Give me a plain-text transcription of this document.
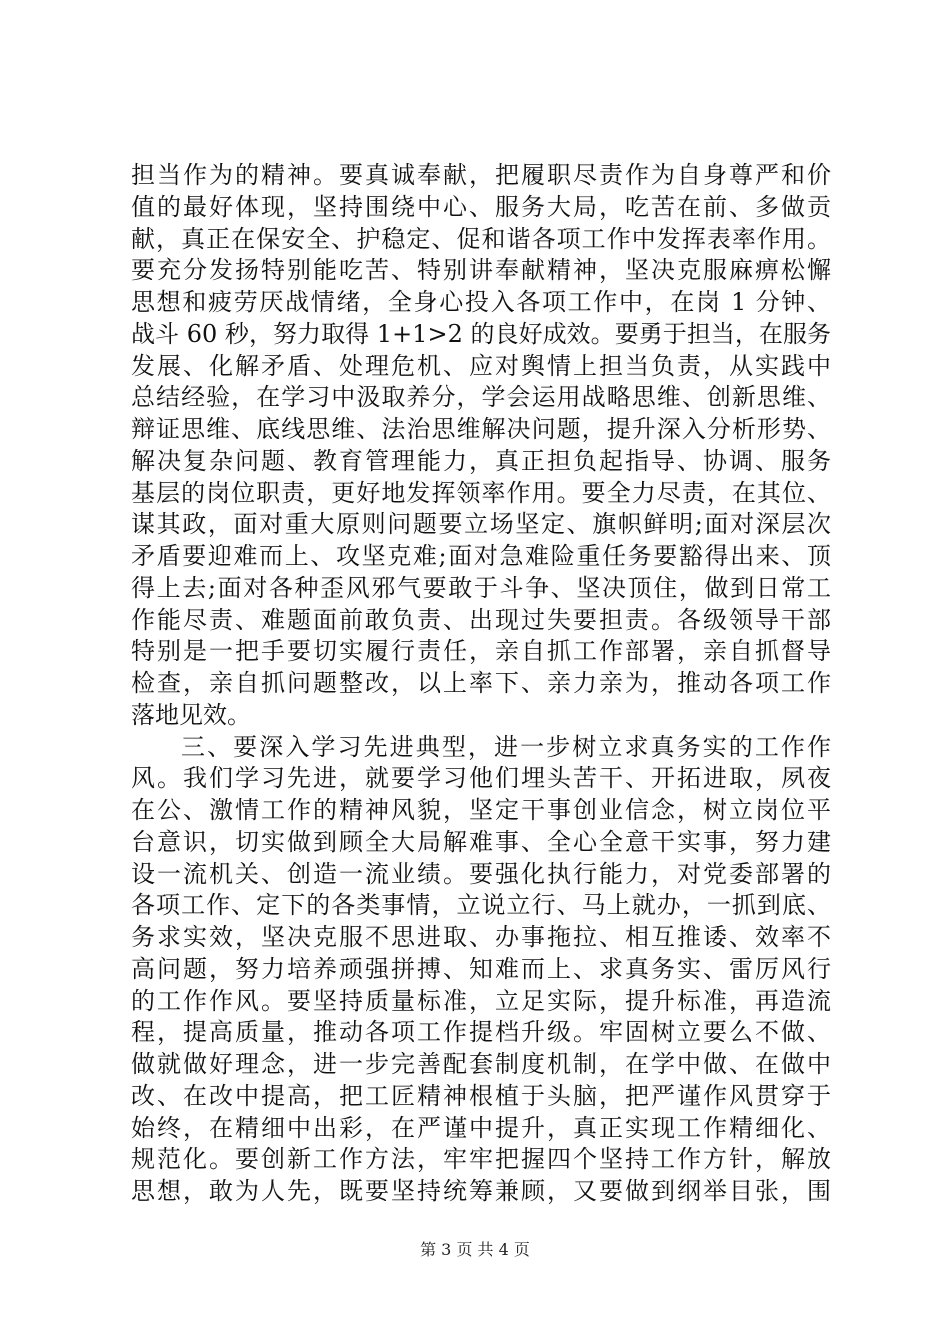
担当作为的精神。要真诚奉献，把履职尽责作为自身尊严和价
值的最好体现，坚持围绕中心、服务大局，吃苦在前、多做贡
献，真正在保安全、护稳定、促和谐各项工作中发挥表率作用。
要充分发扬特别能吃苦、特别讲奉献精神，坚决克服麻痹松懈
思想和疲劳厌战情绪，全身心投入各项工作中，在岗 1 分钟、
战斗 60 秒，努力取得 1+1>2 的良好成效。要勇于担当，在服务
发展、化解矛盾、处理危机、应对舆情上担当负责，从实践中
总结经验，在学习中汲取养分，学会运用战略思维、创新思维、
辩证思维、底线思维、法治思维解决问题，提升深入分析形势、
解决复杂问题、教育管理能力，真正担负起指导、协调、服务
基层的岗位职责，更好地发挥领率作用。要全力尽责，在其位、
谋其政，面对重大原则问题要立场坚定、旗帜鲜明;面对深层次
矛盾要迎难而上、攻坚克难;面对急难险重任务要豁得出来、顶
得上去;面对各种歪风邪气要敢于斗争、坚决顶住，做到日常工
作能尽责、难题面前敢负责、出现过失要担责。各级领导干部
特别是一把手要切实履行责任，亲自抓工作部署，亲自抓督导
检查，亲自抓问题整改，以上率下、亲力亲为，推动各项工作
落地见效。
三、要深入学习先进典型，进一步树立求真务实的工作作
风。我们学习先进，就要学习他们埋头苦干、开拓进取，夙夜
在公、激情工作的精神风貌，坚定干事创业信念，树立岗位平
台意识，切实做到顾全大局解难事、全心全意干实事，努力建
设一流机关、创造一流业绩。要强化执行能力，对党委部署的
各项工作、定下的各类事情，立说立行、马上就办，一抓到底、
务求实效，坚决克服不思进取、办事拖拉、相互推诿、效率不
高问题，努力培养顽强拼搏、知难而上、求真务实、雷厉风行
的工作作风。要坚持质量标准，立足实际，提升标准，再造流
程，提高质量，推动各项工作提档升级。牢固树立要么不做、
做就做好理念，进一步完善配套制度机制，在学中做、在做中
改、在改中提高，把工匠精神根植于头脑，把严谨作风贯穿于
始终，在精细中出彩，在严谨中提升，真正实现工作精细化、
规范化。要创新工作方法，牢牢把握四个坚持工作方针，解放
思想，敢为人先，既要坚持统筹兼顾，又要做到纲举目张，围
第 3 页 共 4 页
